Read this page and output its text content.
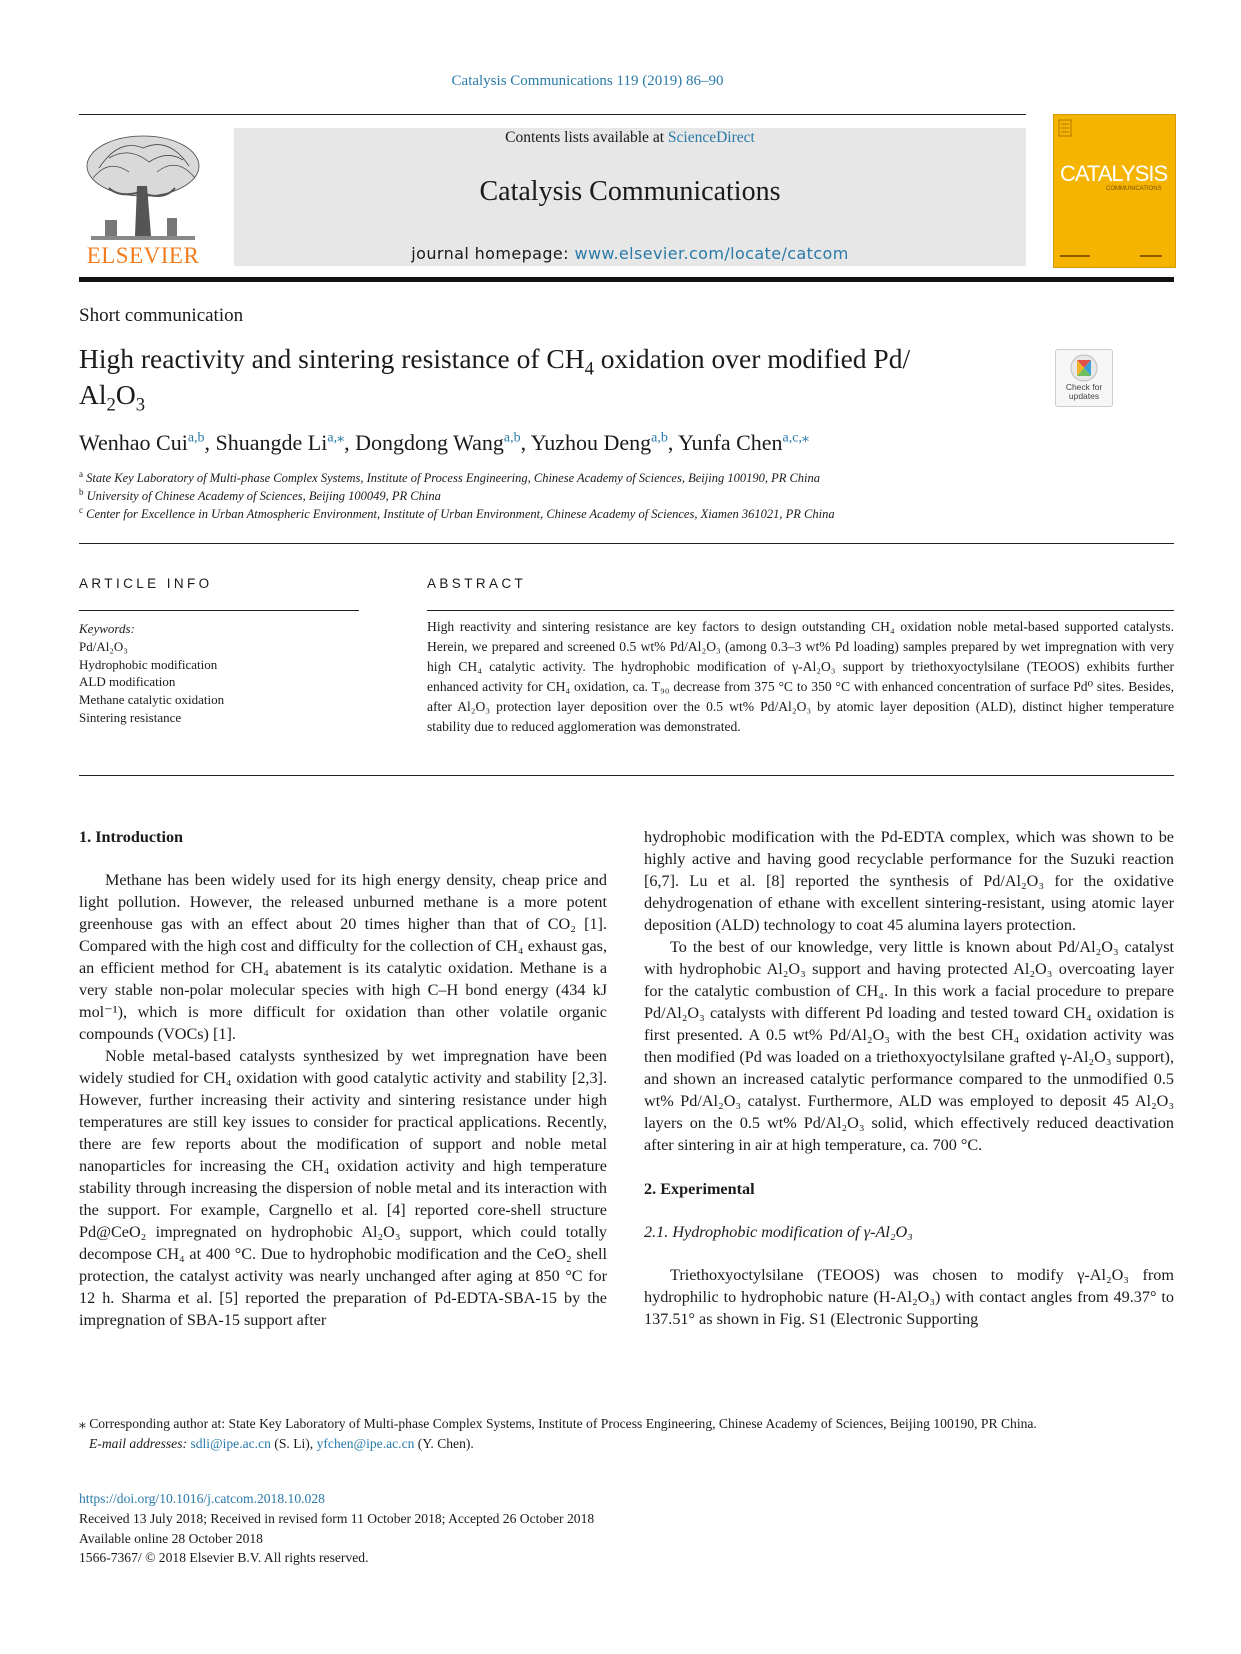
Catalysis Communications 119 (2019) 86–90
ELSEVIER
Contents lists available at ScienceDirect
Catalysis Communications
journal homepage: www.elsevier.com/locate/catcom
CATALYSIS
COMMUNICATIONS
Short communication
High reactivity and sintering resistance of $CH_4$ oxidation over modified Pd/
$Al_2O_3$
Check for
updates
Wenhao Cui$^{a,b}$, Shuangde $Li^{a,⁎}$, Dongdong Wang$^{a,b}$, Yuzhou Deng$^{a,b}$, Yunfa Chen$^{a,c,⁎}$
$^a$ State Key Laboratory of Multi-phase Complex Systems, Institute of Process Engineering, Chinese Academy of Sciences, Beijing 100190, PR China
$^b$ University of Chinese Academy of Sciences, Beijing 100049, PR China
$^c$ Center for Excellence in Urban Atmospheric Environment, Institute of Urban Environment, Chinese Academy of Sciences, Xiamen 361021, PR China
ARTICLE INFO	ABSTRACT
Keywords:
Pd/Al₂O₃
Hydrophobic modification
ALD modification
Methane catalytic oxidation
Sintering resistance
High reactivity and sintering resistance are key factors to design outstanding CH₄ oxidation noble metal-based supported catalysts. Herein, we prepared and screened 0.5 wt% Pd/Al₂O₃ (among 0.3–3 wt% Pd loading) samples prepared by wet impregnation with very high CH₄ catalytic activity. The hydrophobic modification of γ-Al₂O₃ support by triethoxyoctylsilane (TEOOS) exhibits further enhanced activity for CH₄ oxidation, ca. T₉₀ decrease from 375 °C to 350 °C with enhanced concentration of surface Pd⁰ sites. Besides, after Al₂O₃ protection layer deposition over the 0.5 wt% Pd/Al₂O₃ by atomic layer deposition (ALD), distinct higher temperature stability due to reduced agglomeration was demonstrated.
1. Introduction

Methane has been widely used for its high energy density, cheap price and light pollution. However, the released unburned methane is a more potent greenhouse gas with an effect about 20 times higher than that of CO₂ [1]. Compared with the high cost and difficulty for the collection of CH₄ exhaust gas, an efficient method for CH₄ abatement is its catalytic oxidation. Methane is a very stable non-polar molecular species with high C–H bond energy (434 kJ mol⁻¹), which is more difficult for oxidation than other volatile organic compounds (VOCs) [1].

Noble metal-based catalysts synthesized by wet impregnation have been widely studied for CH₄ oxidation with good catalytic activity and stability [2,3]. However, further increasing their activity and sintering resistance under high temperatures are still key issues to consider for practical applications. Recently, there are few reports about the modification of support and noble metal nanoparticles for increasing the CH₄ oxidation activity and high temperature stability through increasing the dispersion of noble metal and its interaction with the support. For example, Cargnello et al. [4] reported core-shell structure Pd@CeO₂ impregnated on hydrophobic Al₂O₃ support, which could totally decompose CH₄ at 400 °C. Due to hydrophobic modification and the CeO₂ shell protection, the catalyst activity was nearly unchanged after aging at 850 °C for 12 h. Sharma et al. [5] reported the preparation of Pd-EDTA-SBA-15 by the impregnation of SBA-15 support after

hydrophobic modification with the Pd-EDTA complex, which was shown to be highly active and having good recyclable performance for the Suzuki reaction [6,7]. Lu et al. [8] reported the synthesis of Pd/Al₂O₃ for the oxidative dehydrogenation of ethane with excellent sintering-resistant, using atomic layer deposition (ALD) technology to coat 45 alumina layers protection.

To the best of our knowledge, very little is known about Pd/Al₂O₃ catalyst with hydrophobic Al₂O₃ support and having protected Al₂O₃ overcoating layer for the catalytic combustion of CH₄. In this work a facial procedure to prepare Pd/Al₂O₃ catalysts with different Pd loading and tested toward CH₄ oxidation is first presented. A 0.5 wt% Pd/Al₂O₃ with the best CH₄ oxidation activity was then modified (Pd was loaded on a triethoxyoctylsilane grafted γ-Al₂O₃ support), and shown an increased catalytic performance compared to the unmodified 0.5 wt% Pd/Al₂O₃ catalyst. Furthermore, ALD was employed to deposit 45 Al₂O₃ layers on the 0.5 wt% Pd/Al₂O₃ solid, which effectively reduced deactivation after sintering in air at high temperature, ca. 700 °C.

2. Experimental
2.1. Hydrophobic modification of γ-Al₂O₃

Triethoxyoctylsilane (TEOOS) was chosen to modify γ-Al₂O₃ from hydrophilic to hydrophobic nature (H-Al₂O₃) with contact angles from 49.37° to 137.51° as shown in Fig. S1 (Electronic Supporting

⁎ Corresponding author at: State Key Laboratory of Multi-phase Complex Systems, Institute of Process Engineering, Chinese Academy of Sciences, Beijing 100190, PR China.
E-mail addresses: sdli@ipe.ac.cn (S. Li), yfchen@ipe.ac.cn (Y. Chen).
https://doi.org/10.1016/j.catcom.2018.10.028
Received 13 July 2018; Received in revised form 11 October 2018; Accepted 26 October 2018
Available online 28 October 2018
1566-7367/ © 2018 Elsevier B.V. All rights reserved.
